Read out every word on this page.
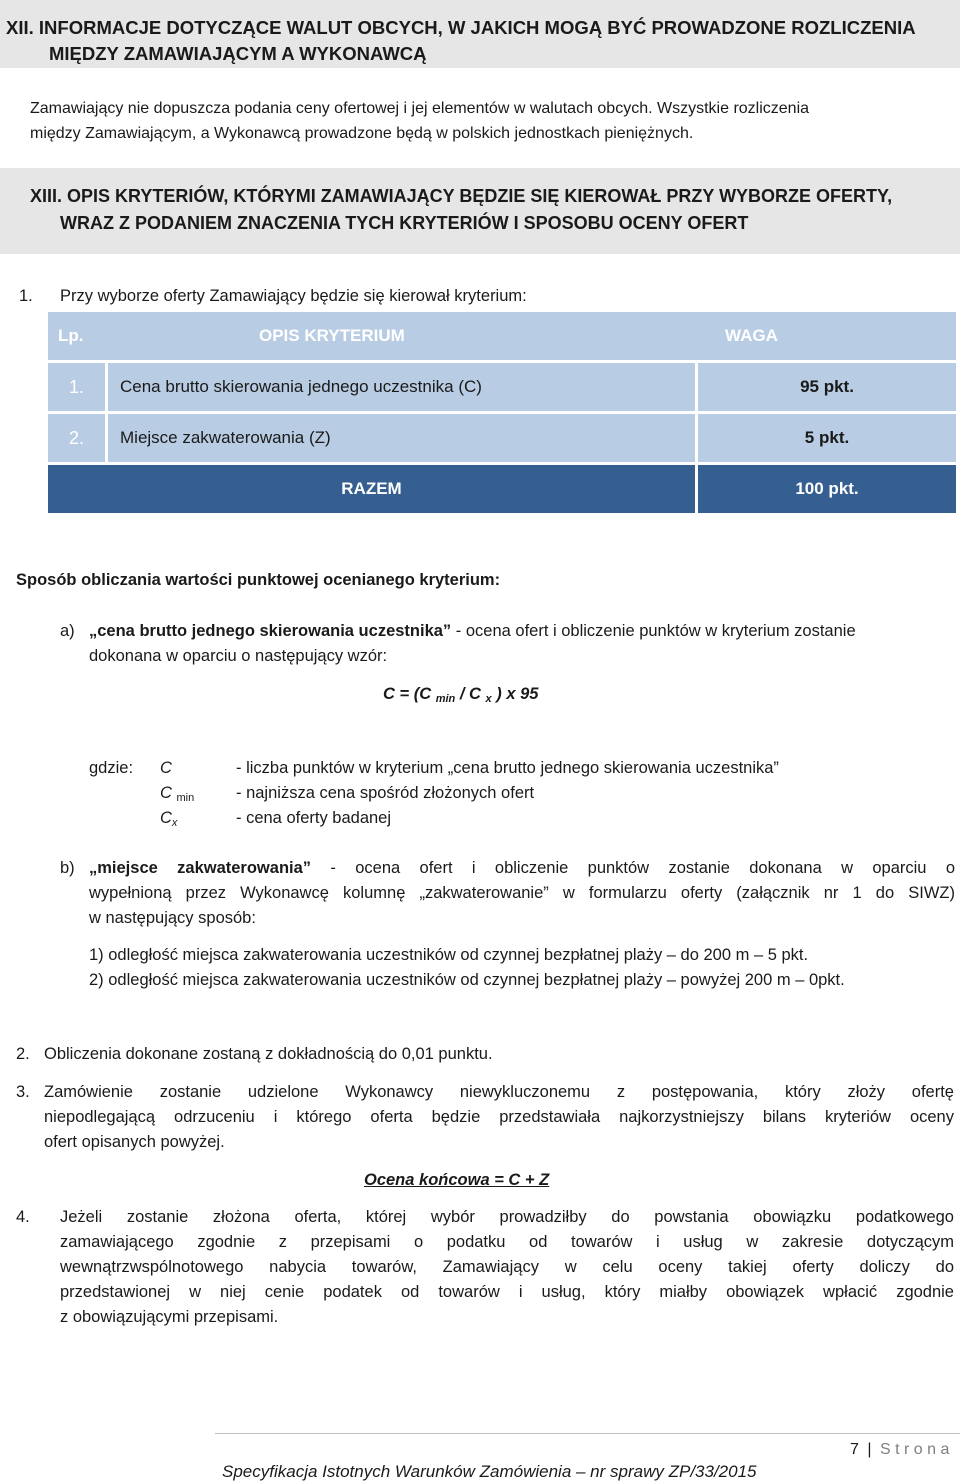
XII. INFORMACJE DOTYCZĄCE WALUT OBCYCH, W JAKICH MOGĄ BYĆ PROWADZONE ROZLICZENIA
MIĘDZY ZAMAWIAJĄCYM A WYKONAWCĄ
Zamawiający nie dopuszcza podania ceny ofertowej i jej elementów w walutach obcych. Wszystkie rozliczenia
między Zamawiającym, a Wykonawcą prowadzone będą w polskich jednostkach pieniężnych.
XIII. OPIS KRYTERIÓW, KTÓRYMI ZAMAWIAJĄCY BĘDZIE SIĘ KIEROWAŁ PRZY WYBORZE OFERTY,
WRAZ Z PODANIEM ZNACZENIA TYCH KRYTERIÓW I SPOSOBU OCENY OFERT
1. Przy wyborze oferty Zamawiający będzie się kierował kryterium:
Lp.	OPIS KRYTERIUM	WAGA
1.	Cena brutto skierowania jednego uczestnika (C)	95 pkt.
2.	Miejsce zakwaterowania (Z)	5 pkt.
RAZEM		100 pkt.
Sposób obliczania wartości punktowej ocenianego kryterium:
a) „cena brutto jednego skierowania uczestnika” - ocena ofert i obliczenie punktów w kryterium zostanie
dokonana w oparciu o następujący wzór:
C = (C $_{min}$ / C $_x$ ) x 95
gdzie: C	- liczba punktów w kryterium „cena brutto jednego skierowania uczestnika”
C $_{min}$	- najniższa cena spośród złożonych ofert
$C_x$	- cena oferty badanej
b) „miejsce zakwaterowania” - ocena ofert i obliczenie punktów zostanie dokonana w oparciu o
wypełnioną przez Wykonawcę kolumnę „zakwaterowanie” w formularzu oferty (załącznik nr 1 do SIWZ)
w następujący sposób:
1) odległość miejsca zakwaterowania uczestników od czynnej bezpłatnej plaży – do 200 m – 5 pkt.
2) odległość miejsca zakwaterowania uczestników od czynnej bezpłatnej plaży – powyżej 200 m – 0pkt.
2. Obliczenia dokonane zostaną z dokładnością do 0,01 punktu.
3. Zamówienie zostanie udzielone Wykonawcy niewykluczonemu z postępowania, który złoży ofertę
niepodlegającą odrzuceniu i którego oferta będzie przedstawiała najkorzystniejszy bilans kryteriów oceny
ofert opisanych powyżej.
Ocena końcowa = C + Z
4. Jeżeli zostanie złożona oferta, której wybór prowadziłby do powstania obowiązku podatkowego
zamawiającego zgodnie z przepisami o podatku od towarów i usług w zakresie dotyczącym
wewnątrzwspólnotowego nabycia towarów, Zamawiający w celu oceny takiej oferty doliczy do
przedstawionej w niej cenie podatek od towarów i usług, który miałby obowiązek wpłacić zgodnie
z obowiązującymi przepisami.
7 | S t r o n a
Specyfikacja Istotnych Warunków Zamówienia – nr sprawy ZP/33/2015
